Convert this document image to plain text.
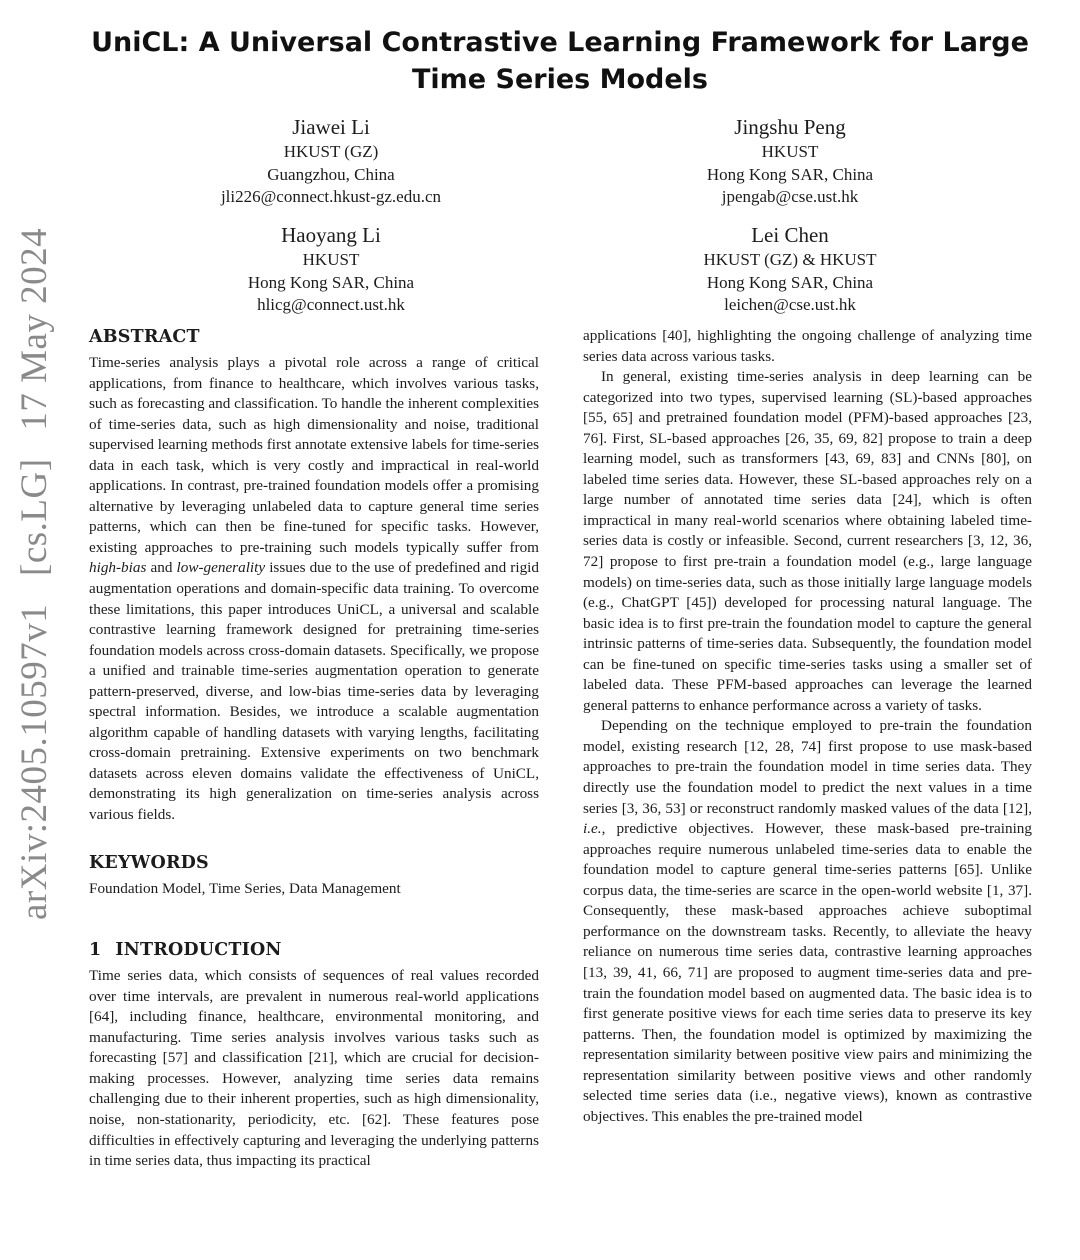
arXiv:2405.10597v1 [cs.LG] 17 May 2024
UniCL: A Universal Contrastive Learning Framework for Large Time Series Models
Jiawei Li
HKUST (GZ)
Guangzhou, China
jli226@connect.hkust-gz.edu.cn
Jingshu Peng
HKUST
Hong Kong SAR, China
jpengab@cse.ust.hk
Haoyang Li
HKUST
Hong Kong SAR, China
hlicg@connect.ust.hk
Lei Chen
HKUST (GZ) & HKUST
Hong Kong SAR, China
leichen@cse.ust.hk
ABSTRACT

Time-series analysis plays a pivotal role across a range of critical applications, from finance to healthcare, which involves various tasks, such as forecasting and classification. To handle the inherent complexities of time-series data, such as high dimensionality and noise, traditional supervised learning methods first annotate extensive labels for time-series data in each task, which is very costly and impractical in real-world applications. In contrast, pre-trained foundation models offer a promising alternative by leveraging unlabeled data to capture general time series patterns, which can then be fine-tuned for specific tasks. However, existing approaches to pre-training such models typically suffer from high-bias and low-generality issues due to the use of predefined and rigid augmentation operations and domain-specific data training. To overcome these limitations, this paper introduces UniCL, a universal and scalable contrastive learning framework designed for pretraining time-series foundation models across cross-domain datasets. Specifically, we propose a unified and trainable time-series augmentation operation to generate pattern-preserved, diverse, and low-bias time-series data by leveraging spectral information. Besides, we introduce a scalable augmentation algorithm capable of handling datasets with varying lengths, facilitating cross-domain pretraining. Extensive experiments on two benchmark datasets across eleven domains validate the effectiveness of UniCL, demonstrating its high generalization on time-series analysis across various fields.

KEYWORDS

Foundation Model, Time Series, Data Management

1 INTRODUCTION

Time series data, which consists of sequences of real values recorded over time intervals, are prevalent in numerous real-world applications [64], including finance, healthcare, environmental monitoring, and manufacturing. Time series analysis involves various tasks such as forecasting [57] and classification [21], which are crucial for decision-making processes. However, analyzing time series data remains challenging due to their inherent properties, such as high dimensionality, noise, non-stationarity, periodicity, etc. [62]. These features pose difficulties in effectively capturing and leveraging the underlying patterns in time series data, thus impacting its practical

applications [40], highlighting the ongoing challenge of analyzing time series data across various tasks.

In general, existing time-series analysis in deep learning can be categorized into two types, supervised learning (SL)-based approaches [55, 65] and pretrained foundation model (PFM)-based approaches [23, 76]. First, SL-based approaches [26, 35, 69, 82] propose to train a deep learning model, such as transformers [43, 69, 83] and CNNs [80], on labeled time series data. However, these SL-based approaches rely on a large number of annotated time series data [24], which is often impractical in many real-world scenarios where obtaining labeled time-series data is costly or infeasible. Second, current researchers [3, 12, 36, 72] propose to first pre-train a foundation model (e.g., large language models) on time-series data, such as those initially large language models (e.g., ChatGPT [45]) developed for processing natural language. The basic idea is to first pre-train the foundation model to capture the general intrinsic patterns of time-series data. Subsequently, the foundation model can be fine-tuned on specific time-series tasks using a smaller set of labeled data. These PFM-based approaches can leverage the learned general patterns to enhance performance across a variety of tasks.

Depending on the technique employed to pre-train the foundation model, existing research [12, 28, 74] first propose to use mask-based approaches to pre-train the foundation model in time series data. They directly use the foundation model to predict the next values in a time series [3, 36, 53] or reconstruct randomly masked values of the data [12], i.e., predictive objectives. However, these mask-based pre-training approaches require numerous unlabeled time-series data to enable the foundation model to capture general time-series patterns [65]. Unlike corpus data, the time-series are scarce in the open-world website [1, 37]. Consequently, these mask-based approaches achieve suboptimal performance on the downstream tasks. Recently, to alleviate the heavy reliance on numerous time series data, contrastive learning approaches [13, 39, 41, 66, 71] are proposed to augment time-series data and pre-train the foundation model based on augmented data. The basic idea is to first generate positive views for each time series data to preserve its key patterns. Then, the foundation model is optimized by maximizing the representation similarity between positive view pairs and minimizing the representation similarity between positive views and other randomly selected time series data (i.e., negative views), known as contrastive objectives. This enables the pre-trained model
